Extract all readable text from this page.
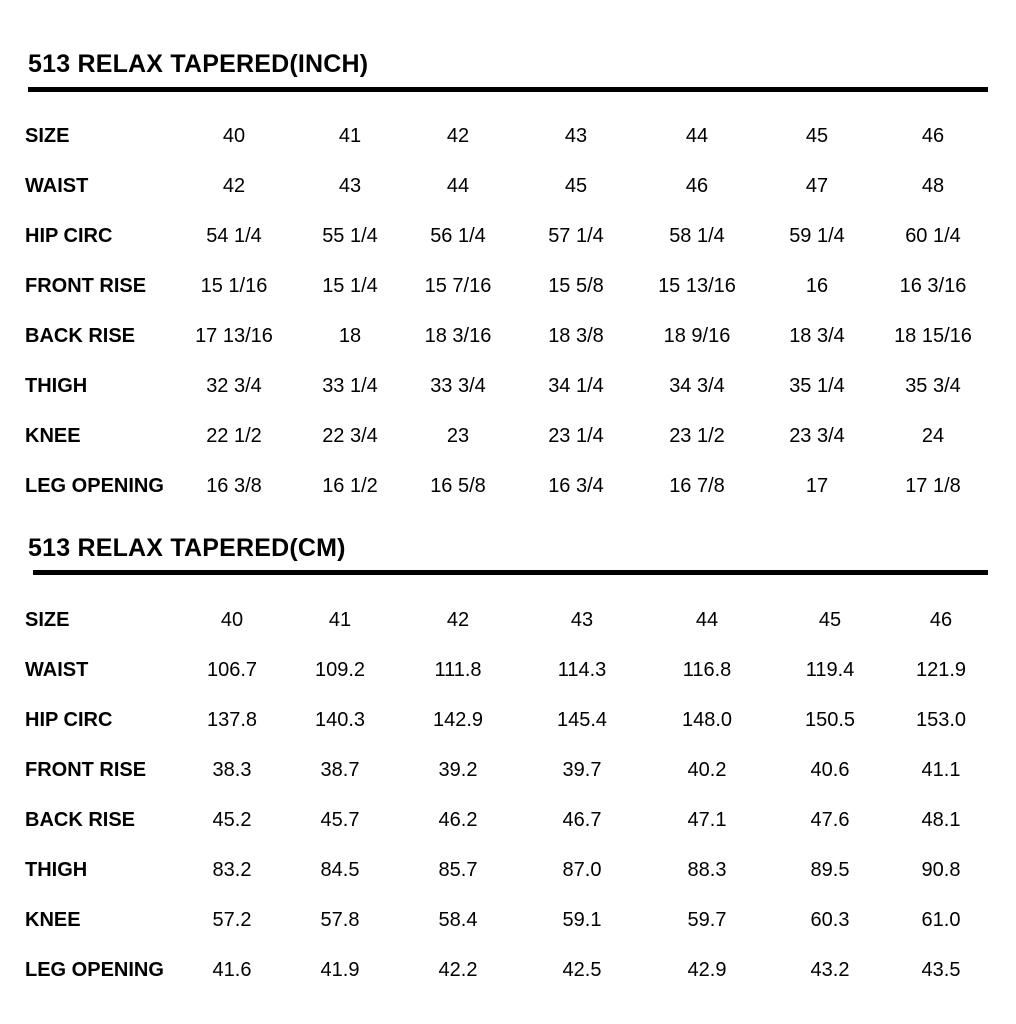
513 RELAX TAPERED(INCH)
SIZE	40	41	42	43	44	45	46
WAIST	42	43	44	45	46	47	48
HIP CIRC	54 1/4	55 1/4	56 1/4	57 1/4	58 1/4	59 1/4	60 1/4
FRONT RISE	15 1/16	15 1/4	15 7/16	15 5/8	15 13/16	16	16 3/16
BACK RISE	17 13/16	18	18 3/16	18 3/8	18 9/16	18 3/4	18 15/16
THIGH	32 3/4	33 1/4	33 3/4	34 1/4	34 3/4	35 1/4	35 3/4
KNEE	22 1/2	22 3/4	23	23 1/4	23 1/2	23 3/4	24
LEG OPENING	16 3/8	16 1/2	16 5/8	16 3/4	16 7/8	17	17 1/8
513 RELAX TAPERED(CM)
SIZE	40	41	42	43	44	45	46
WAIST	106.7	109.2	111.8	114.3	116.8	119.4	121.9
HIP CIRC	137.8	140.3	142.9	145.4	148.0	150.5	153.0
FRONT RISE	38.3	38.7	39.2	39.7	40.2	40.6	41.1
BACK RISE	45.2	45.7	46.2	46.7	47.1	47.6	48.1
THIGH	83.2	84.5	85.7	87.0	88.3	89.5	90.8
KNEE	57.2	57.8	58.4	59.1	59.7	60.3	61.0
LEG OPENING	41.6	41.9	42.2	42.5	42.9	43.2	43.5
